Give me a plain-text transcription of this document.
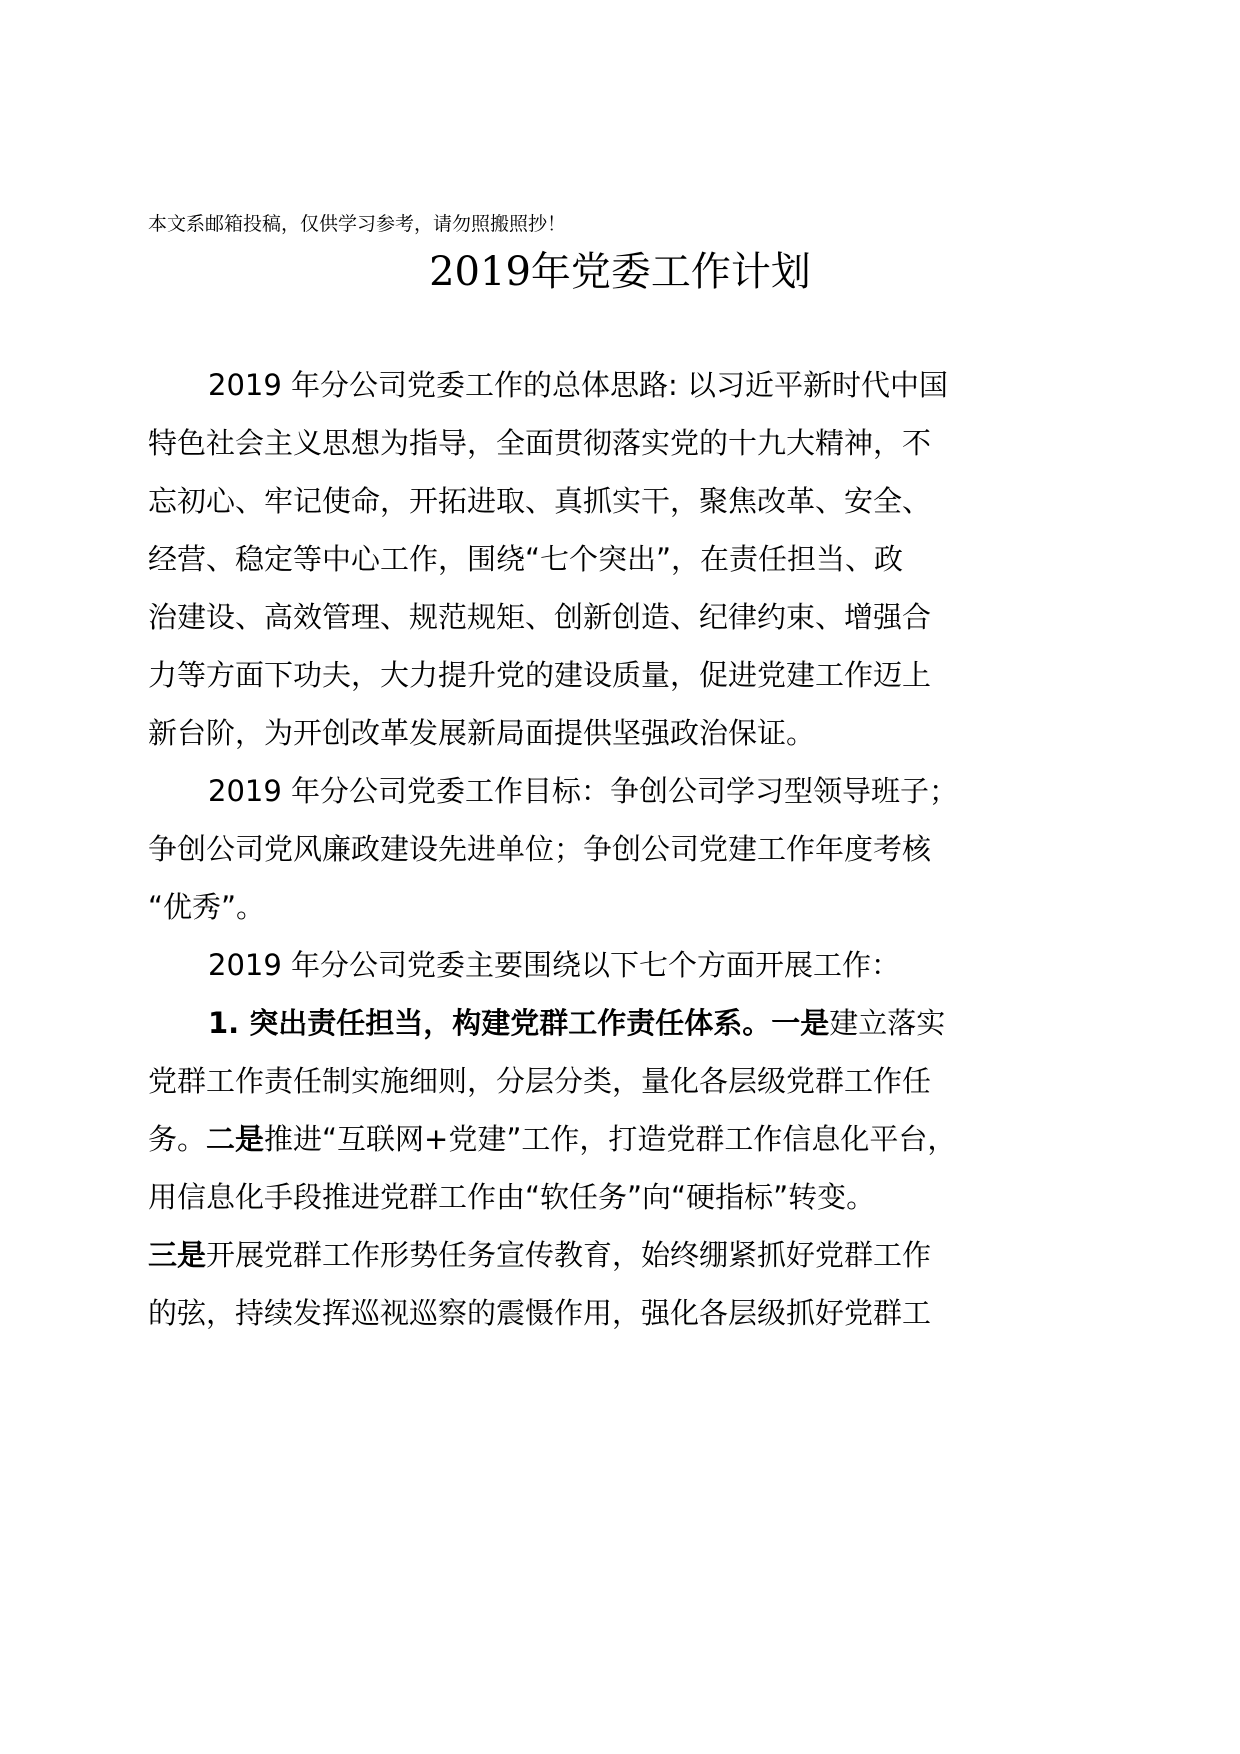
本文系邮箱投稿，仅供学习参考，请勿照搬照抄！
2019年党委工作计划
2019 年分公司党委工作的总体思路: 以习近平新时代中国
特色社会主义思想为指导，全面贯彻落实党的十九大精神，不
忘初心、牢记使命，开拓进取、真抓实干，聚焦改革、安全、
经营、稳定等中心工作，围绕“七个突出”，在责任担当、政
治建设、高效管理、规范规矩、创新创造、纪律约束、增强合
力等方面下功夫，大力提升党的建设质量，促进党建工作迈上
新台阶，为开创改革发展新局面提供坚强政治保证。
2019 年分公司党委工作目标：争创公司学习型领导班子；
争创公司党风廉政建设先进单位；争创公司党建工作年度考核
“优秀”。
2019 年分公司党委主要围绕以下七个方面开展工作：
1. 突出责任担当，构建党群工作责任体系。一是建立落实
党群工作责任制实施细则，分层分类，量化各层级党群工作任
务。二是推进“互联网+党建”工作，打造党群工作信息化平台，
用信息化手段推进党群工作由“软任务”向“硬指标”转变。
三是开展党群工作形势任务宣传教育，始终绷紧抓好党群工作
的弦，持续发挥巡视巡察的震慑作用，强化各层级抓好党群工
